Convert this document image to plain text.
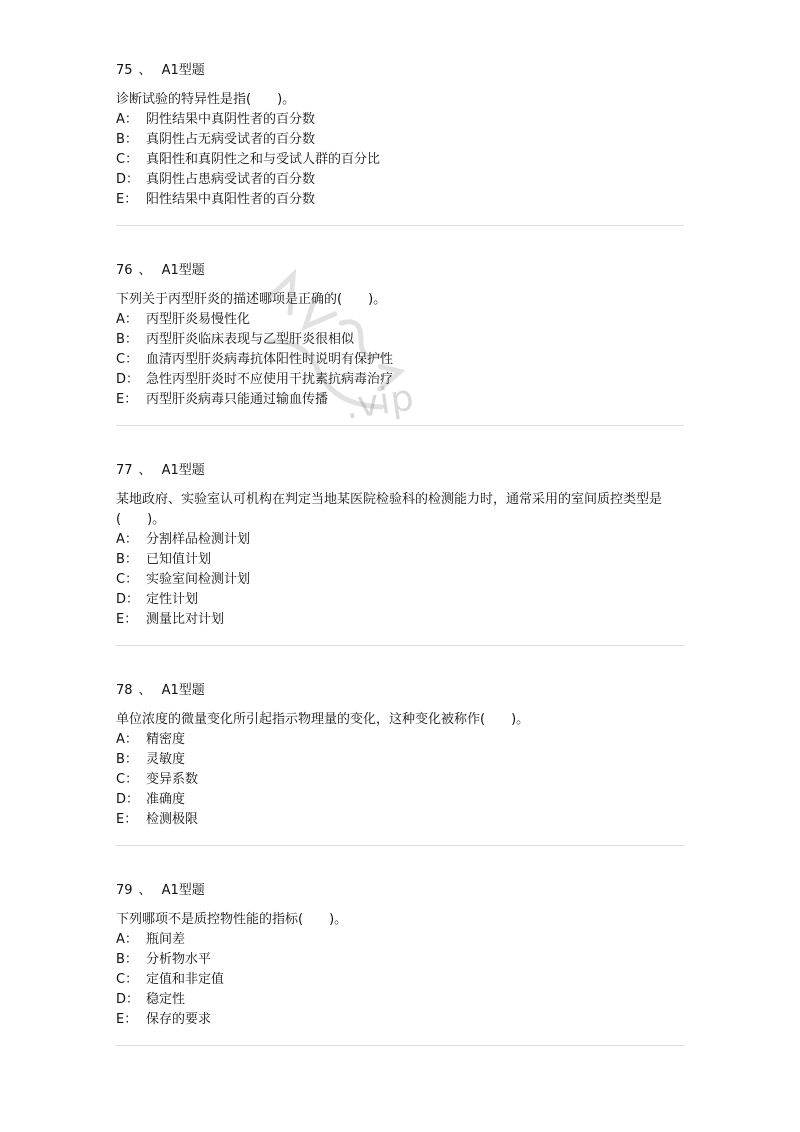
75 、 A1型题

诊断试验的特异性是指(　　)。

A： 阴性结果中真阴性者的百分数
B： 真阴性占无病受试者的百分数
C： 真阳性和真阴性之和与受试人群的百分比
D： 真阴性占患病受试者的百分数
E： 阳性结果中真阳性者的百分数
76 、 A1型题

下列关于丙型肝炎的描述哪项是正确的(　　)。

A： 丙型肝炎易慢性化
B： 丙型肝炎临床表现与乙型肝炎很相似
C： 血清丙型肝炎病毒抗体阳性时说明有保护性
D： 急性丙型肝炎时不应使用干扰素抗病毒治疗
E： 丙型肝炎病毒只能通过输血传播
77 、 A1型题

某地政府、实验室认可机构在判定当地某医院检验科的检测能力时，通常采用的室间质控类型是(　　)。

A： 分割样品检测计划
B： 已知值计划
C： 实验室间检测计划
D： 定性计划
E： 测量比对计划
78 、 A1型题

单位浓度的微量变化所引起指示物理量的变化，这种变化被称作(　　)。

A： 精密度
B： 灵敏度
C： 变异系数
D： 准确度
E： 检测极限
79 、 A1型题

下列哪项不是质控物性能的指标(　　)。

A： 瓶间差
B： 分析物水平
C： 定值和非定值
D： 稳定性
E： 保存的要求
.vip
